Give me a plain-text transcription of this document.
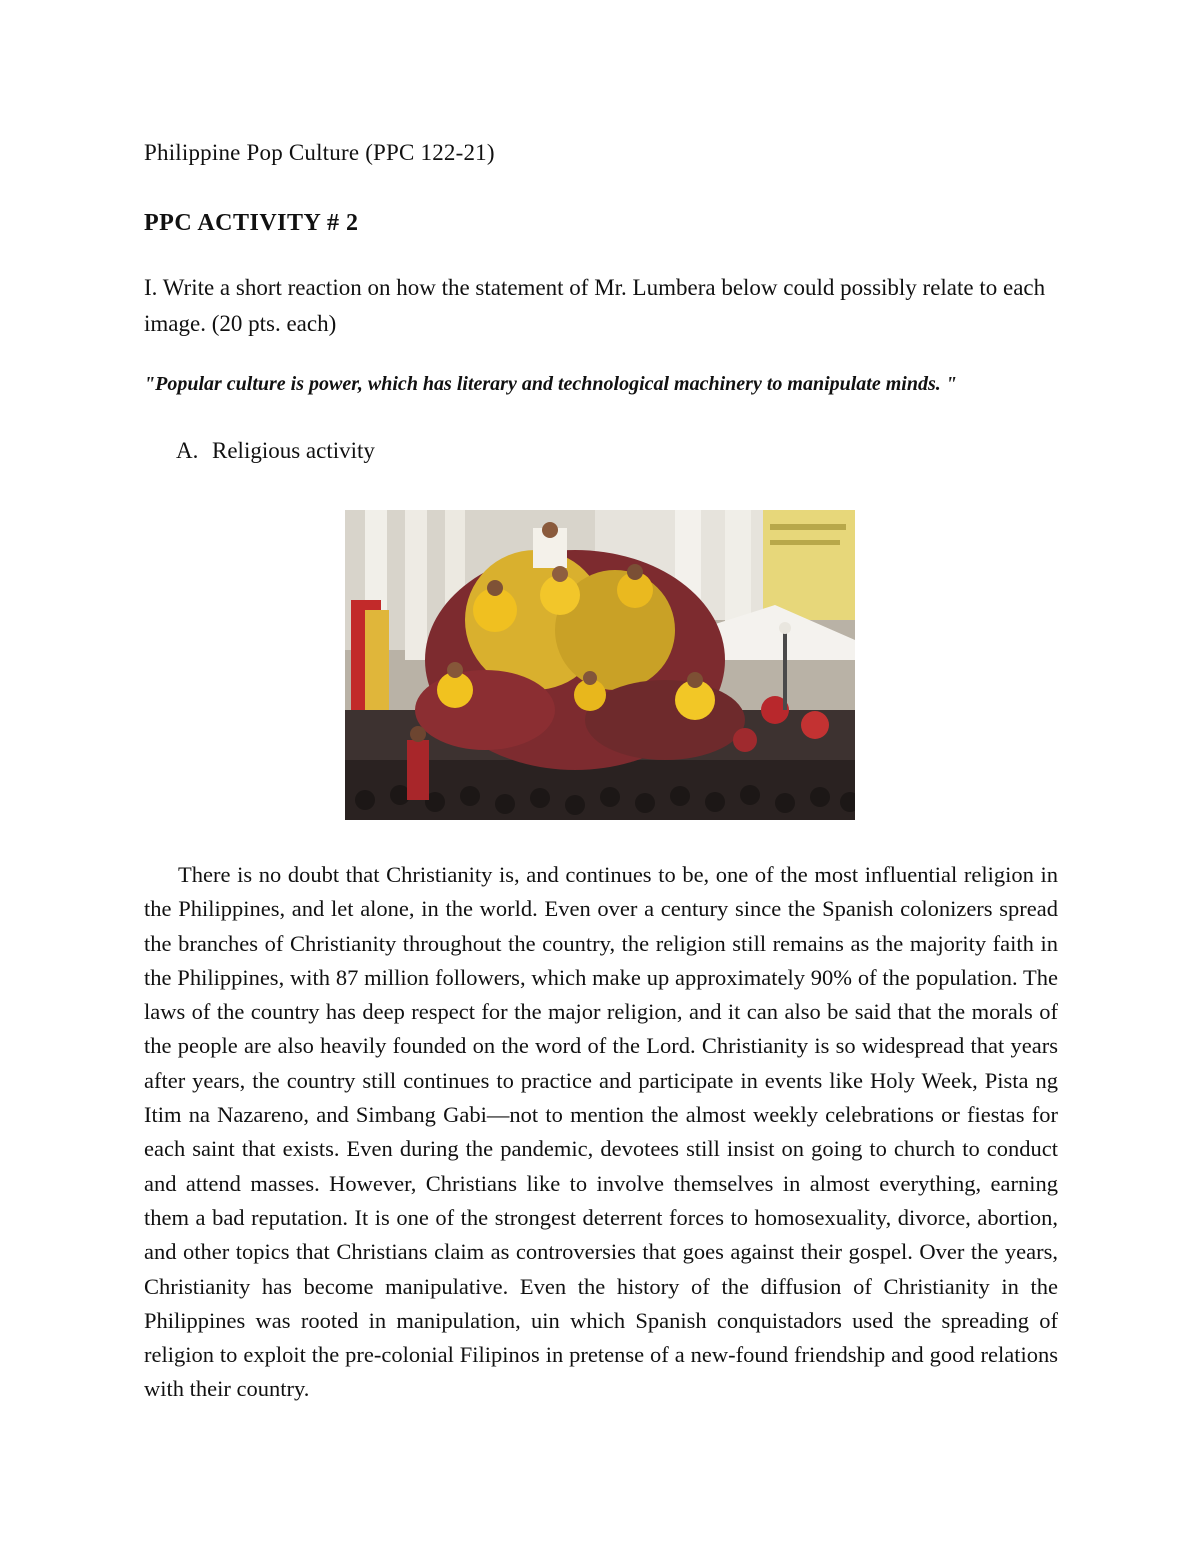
Philippine Pop Culture (PPC 122-21)
PPC ACTIVITY # 2
I. Write a short reaction on how the statement of Mr. Lumbera below could possibly relate to each image. (20 pts. each)
"Popular culture is power, which has literary and technological machinery to manipulate minds. "
A. Religious activity

There is no doubt that Christianity is, and continues to be, one of the most influential religion in the Philippines, and let alone, in the world. Even over a century since the Spanish colonizers spread the branches of Christianity throughout the country, the religion still remains as the majority faith in the Philippines, with 87 million followers, which make up approximately 90% of the population. The laws of the country has deep respect for the major religion, and it can also be said that the morals of the people are also heavily founded on the word of the Lord. Christianity is so widespread that years after years, the country still continues to practice and participate in events like Holy Week, Pista ng Itim na Nazareno, and Simbang Gabi—not to mention the almost weekly celebrations or fiestas for each saint that exists. Even during the pandemic, devotees still insist on going to church to conduct and attend masses. However, Christians like to involve themselves in almost everything, earning them a bad reputation. It is one of the strongest deterrent forces to homosexuality, divorce, abortion, and other topics that Christians claim as controversies that goes against their gospel. Over the years, Christianity has become manipulative. Even the history of the diffusion of Christianity in the Philippines was rooted in manipulation, uin which Spanish conquistadors used the spreading of religion to exploit the pre-colonial Filipinos in pretense of a new-found friendship and good relations with their country.
